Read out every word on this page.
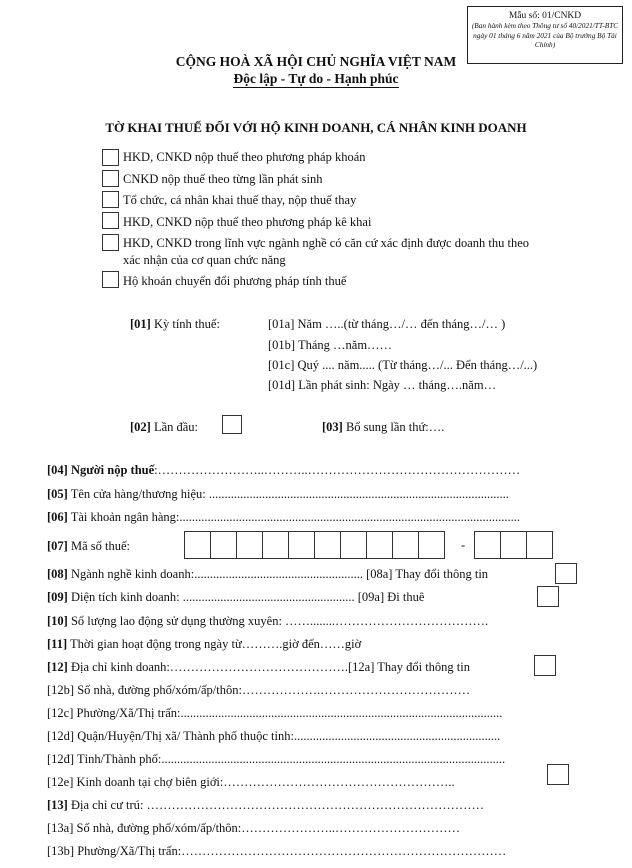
Mẫu số: 01/CNKD
(Ban hành kèm theo Thông tư số 40/2021/TT-BTC ngày 01 tháng 6 năm 2021 của Bộ trưởng Bộ Tài Chính)
CỘNG HOÀ XÃ HỘI CHỦ NGHĨA VIỆT NAM
Độc lập - Tự do - Hạnh phúc
TỜ KHAI THUẾ ĐỐI VỚI HỘ KINH DOANH, CÁ NHÂN KINH DOANH
HKD, CNKD nộp thuế theo phương pháp khoán
CNKD nộp thuế theo từng lần phát sinh
Tổ chức, cá nhân khai thuế thay, nộp thuế thay
HKD, CNKD nộp thuế theo phương pháp kê khai
HKD, CNKD trong lĩnh vực ngành nghề có căn cứ xác định được doanh thu theo
xác nhận của cơ quan chức năng
Hộ khoán chuyển đổi phương pháp tính thuế
[01] Kỳ tính thuế:	[01a] Năm …..(từ tháng…/… đến tháng…/… )
[01b] Tháng …năm……
[01c] Quý .... năm..... (Từ tháng…/... Đến tháng…/...)
[01d] Lần phát sinh: Ngày … tháng….năm…
[02] Lần đầu:	[03] Bổ sung lần thứ:….
[04] Người nộp thuế:……………………..………..……………………………………………
[05] Tên cửa hàng/thương hiệu: ................................................................................................
[06] Tài khoản ngân hàng:.............................................................................................................
[07] Mã số thuế:	-
[08] Ngành nghề kinh doanh:...................................................... [08a] Thay đổi thông tin
[09] Diện tích kinh doanh: ....................................................... [09a] Đi thuê
[10] Số lượng lao động sử dụng thường xuyên: ……........……………………………….
[11] Thời gian hoạt động trong ngày từ……….giờ đến……giờ
[12] Địa chỉ kinh doanh:…………………………………….[12a] Thay đổi thông tin
[12b] Số nhà, đường phố/xóm/ấp/thôn:……………….………………………………
[12c] Phường/Xã/Thị trấn:.......................................................................................................
[12d] Quận/Huyện/Thị xã/ Thành phố thuộc tỉnh:..................................................................
[12đ] Tỉnh/Thành phố:..............................................................................................................
[12e] Kinh doanh tại chợ biên giới:………………………………………………..
[13] Địa chỉ cư trú: ………………………………………………………………………
[13a] Số nhà, đường phố/xóm/ấp/thôn:…………………..…………………………
[13b] Phường/Xã/Thị trấn:……………………………………………………………………
